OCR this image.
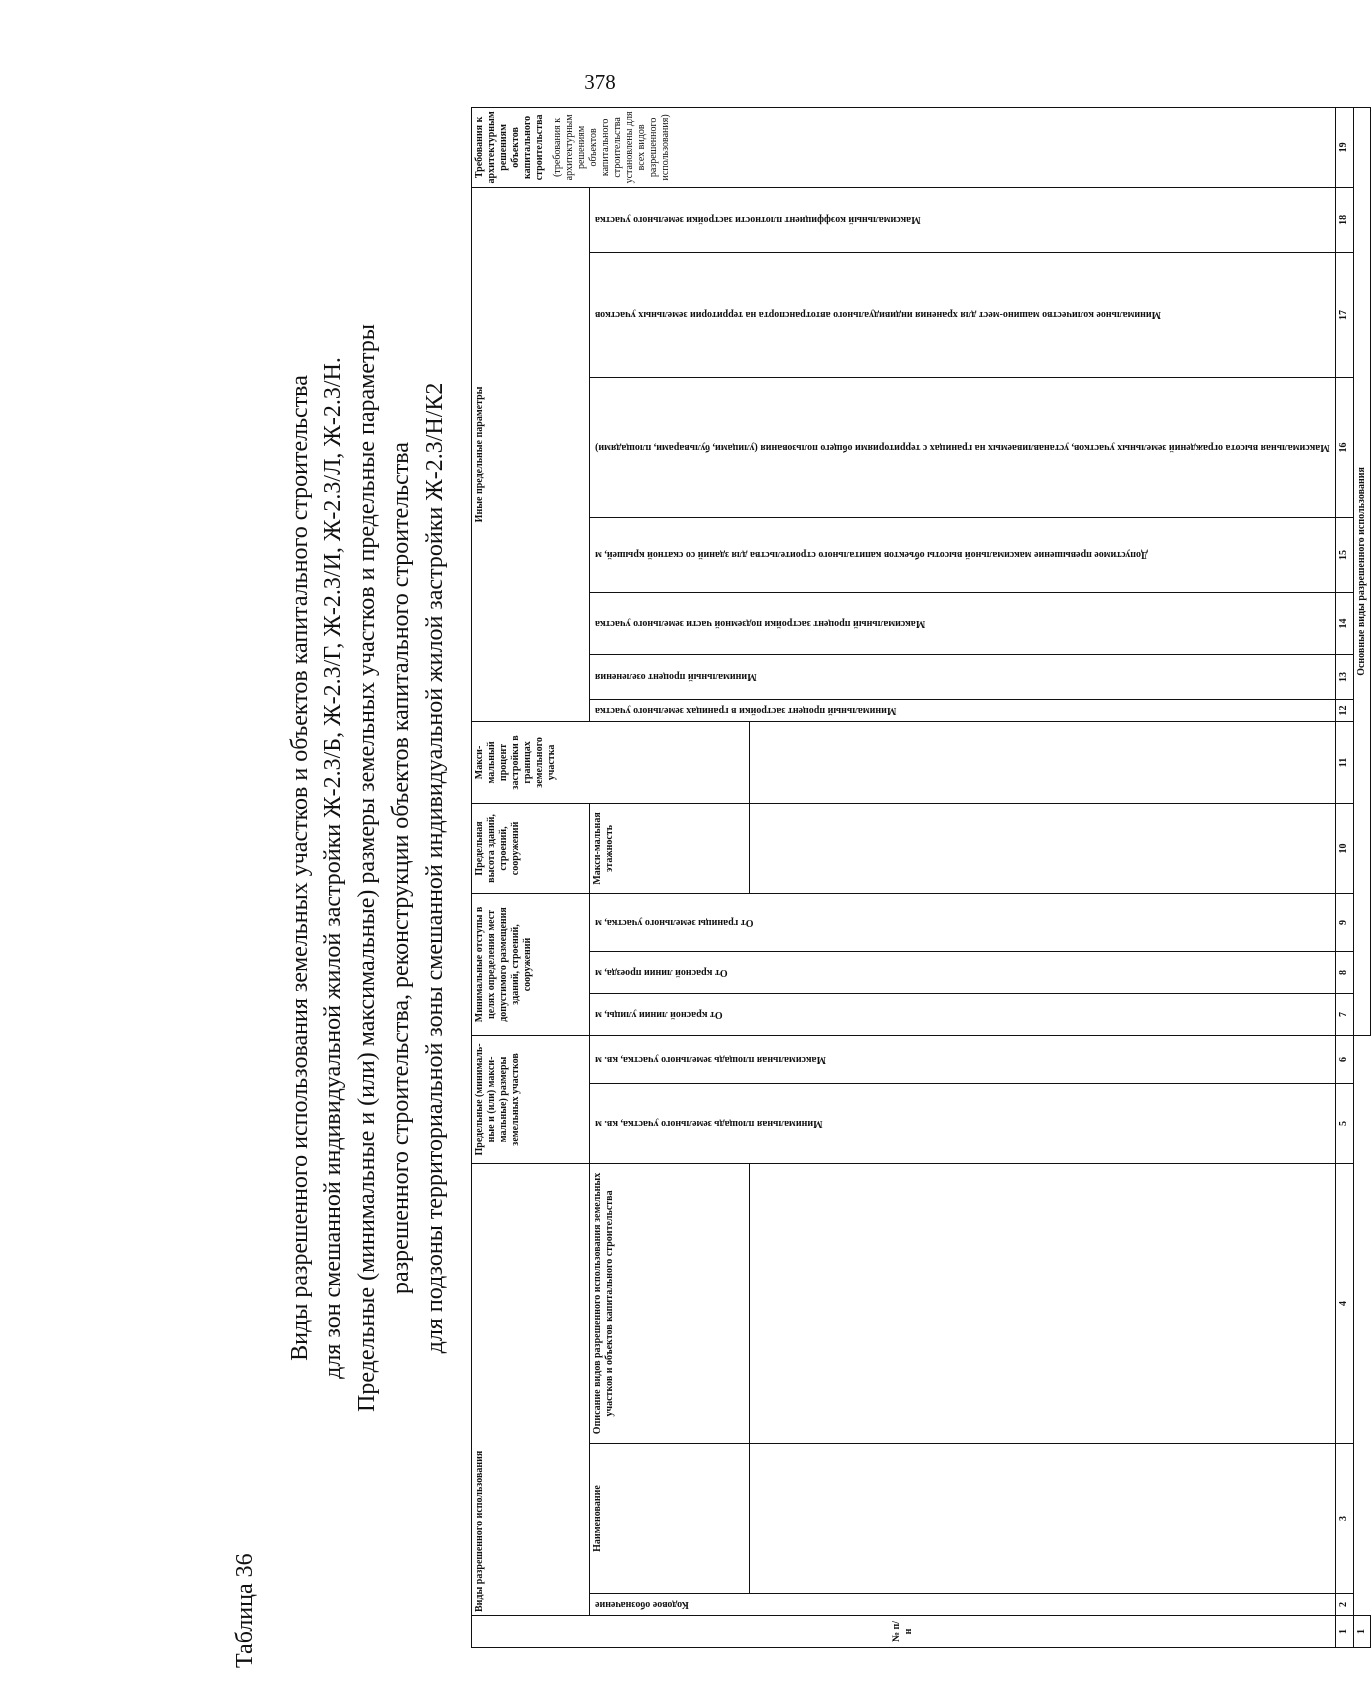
378
Таблица 36
Виды разрешенного использования земельных участков и объектов капитального строительства для зон смешанной индивидуальной жилой застройки Ж-2.3/Б, Ж-2.3/Г, Ж-2.3/И, Ж-2.3/Л, Ж-2.3/Н. Предельные (минимальные и (или) максимальные) размеры земельных участков и предельные параметры разрешенного строительства, реконструкции объектов капитального строительства для подзоны территориальной зоны смешанной индивидуальной жилой застройки Ж-2.3/Н/К2
№ п/н	Виды разрешенного использования			Предельные (минималь-ные и (или) макси-мальные) размеры земельных участков		Минимальные отступы в целях определения мест допустимого размещения зданий, строений, сооружений			Предельная высота зданий, строений, сооружений	Макси-мальный процент застройки в границах земельного участка	Иные предельные параметры							Требования к архитектурным решениям объектов капитального строительства (требования к архитектурным решениям объектов капитального строительства установлены для всех видов разрешенного использования)

	Кодовое обозначение	Наименование	Описание видов разрешенного использования земельных участков и объектов капитального строительства	Минимальная площадь земельного участка, кв. м	Максимальная площадь земельного участка, кв. м	От красной линии улицы, м	От красной линии проезда, м	От границы земельного участка, м	Макси-мальная этажность		Минимальный процент застройки в границах земельного участка	Минимальный процент озеленения	Максимальный процент застройки подземной части земельного участка	Допустимое превышение максимальной высоты объектов капитального строительства для зданий со скатной крышей, м	Максимальная высота ограждений земельных участков, устанавливаемых на границах с территориями общего пользования (улицами, бульварами, площадями)	Минимальное количество машино-мест для хранения индивидуального автотранспорта на территории земельных участков	Максимальный коэффициент плотности застройки земельного участка	

1	2	3	4	5	6	7	8	9	10	11	12	13	14	15	16	17	18	19
1						Основные виды разрешенного использования												
